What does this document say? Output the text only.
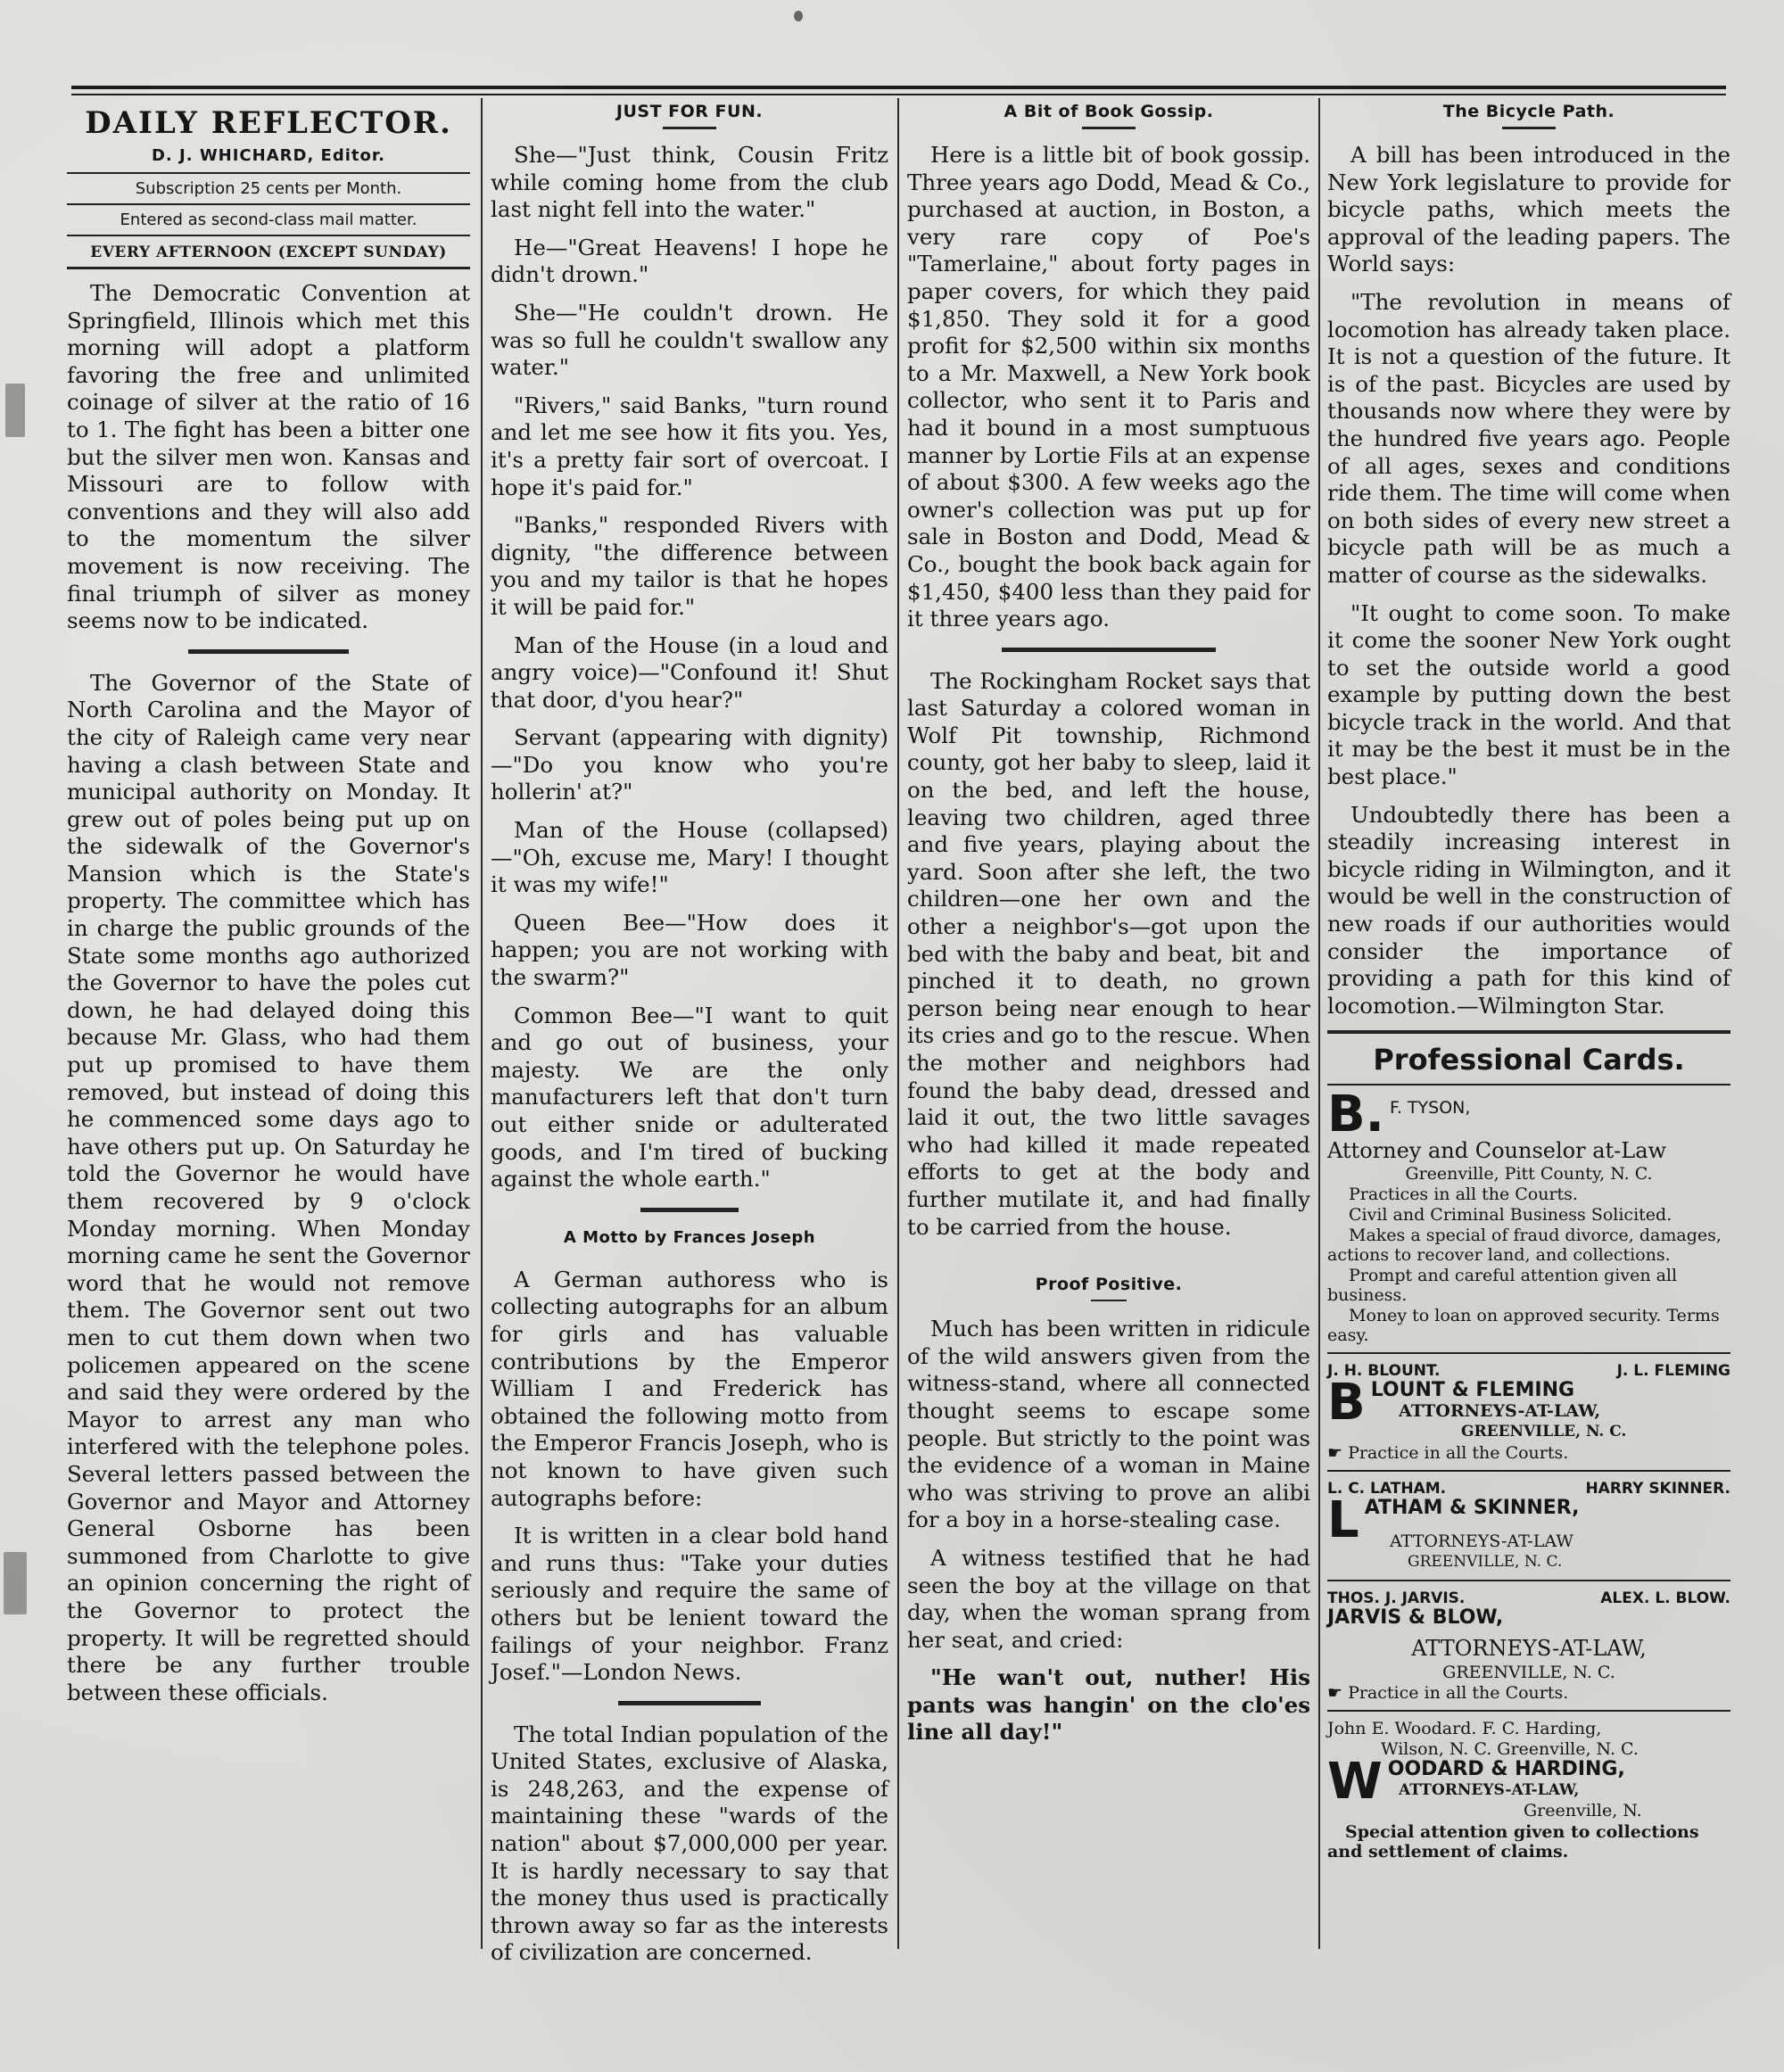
DAILY REFLECTOR.
D. J. WHICHARD, Editor.
Subscription 25 cents per Month.
Entered as second-class mail matter.
EVERY AFTERNOON (EXCEPT SUNDAY)

The Democratic Convention at Springfield, Illinois which met this morning will adopt a platform favoring the free and unlimited coinage of silver at the ratio of 16 to 1. The fight has been a bitter one but the silver men won. Kansas and Missouri are to follow with conventions and they will also add to the momentum the silver movement is now receiving. The final triumph of silver as money seems now to be indicated.

The Governor of the State of North Carolina and the Mayor of the city of Raleigh came very near having a clash between State and municipal authority on Monday. It grew out of poles being put up on the sidewalk of the Governor's Mansion which is the State's property. The committee which has in charge the public grounds of the State some months ago authorized the Governor to have the poles cut down, he had delayed doing this because Mr. Glass, who had them put up promised to have them removed, but instead of doing this he commenced some days ago to have others put up. On Saturday he told the Governor he would have them recovered by 9 o'clock Monday morning. When Monday morning came he sent the Governor word that he would not remove them. The Governor sent out two men to cut them down when two policemen appeared on the scene and said they were ordered by the Mayor to arrest any man who interfered with the telephone poles. Several letters passed between the Governor and Mayor and Attorney General Osborne has been summoned from Charlotte to give an opinion concerning the right of the Governor to protect the property. It will be regretted should there be any further trouble between these officials.

JUST FOR FUN.

She—"Just think, Cousin Fritz while coming home from the club last night fell into the water."

He—"Great Heavens! I hope he didn't drown."

She—"He couldn't drown. He was so full he couldn't swallow any water."

"Rivers," said Banks, "turn round and let me see how it fits you. Yes, it's a pretty fair sort of overcoat. I hope it's paid for."

"Banks," responded Rivers with dignity, "the difference between you and my tailor is that he hopes it will be paid for."

Man of the House (in a loud and angry voice)—"Confound it! Shut that door, d'you hear?"

Servant (appearing with dignity)—"Do you know who you're hollerin' at?"

Man of the House (collapsed)—"Oh, excuse me, Mary! I thought it was my wife!"

Queen Bee—"How does it happen; you are not working with the swarm?"

Common Bee—"I want to quit and go out of business, your majesty. We are the only manufacturers left that don't turn out either snide or adulterated goods, and I'm tired of bucking against the whole earth."

A Motto by Frances Joseph

A German authoress who is collecting autographs for an album for girls and has valuable contributions by the Emperor William I and Frederick has obtained the following motto from the Emperor Francis Joseph, who is not known to have given such autographs before:

It is written in a clear bold hand and runs thus: "Take your duties seriously and require the same of others but be lenient toward the failings of your neighbor. Franz Josef."—London News.

The total Indian population of the United States, exclusive of Alaska, is 248,263, and the expense of maintaining these "wards of the nation" about $7,000,000 per year. It is hardly necessary to say that the money thus used is practically thrown away so far as the interests of civilization are concerned.

A Bit of Book Gossip.

Here is a little bit of book gossip. Three years ago Dodd, Mead & Co., purchased at auction, in Boston, a very rare copy of Poe's "Tamerlaine," about forty pages in paper covers, for which they paid $1,850. They sold it for a good profit for $2,500 within six months to a Mr. Maxwell, a New York book collector, who sent it to Paris and had it bound in a most sumptuous manner by Lortie Fils at an expense of about $300. A few weeks ago the owner's collection was put up for sale in Boston and Dodd, Mead & Co., bought the book back again for $1,450, $400 less than they paid for it three years ago.

The Rockingham Rocket says that last Saturday a colored woman in Wolf Pit township, Richmond county, got her baby to sleep, laid it on the bed, and left the house, leaving two children, aged three and five years, playing about the yard. Soon after she left, the two children—one her own and the other a neighbor's—got upon the bed with the baby and beat, bit and pinched it to death, no grown person being near enough to hear its cries and go to the rescue. When the mother and neighbors had found the baby dead, dressed and laid it out, the two little savages who had killed it made repeated efforts to get at the body and further mutilate it, and had finally to be carried from the house.

Proof Positive.

Much has been written in ridicule of the wild answers given from the witness-stand, where all connected thought seems to escape some people. But strictly to the point was the evidence of a woman in Maine who was striving to prove an alibi for a boy in a horse-stealing case.

A witness testified that he had seen the boy at the village on that day, when the woman sprang from her seat, and cried:

"He wan't out, nuther! His pants was hangin' on the clo'es line all day!"

The Bicycle Path.

A bill has been introduced in the New York legislature to provide for bicycle paths, which meets the approval of the leading papers. The World says:

"The revolution in means of locomotion has already taken place. It is not a question of the future. It is of the past. Bicycles are used by thousands now where they were by the hundred five years ago. People of all ages, sexes and conditions ride them. The time will come when on both sides of every new street a bicycle path will be as much a matter of course as the sidewalks.

"It ought to come soon. To make it come the sooner New York ought to set the outside world a good example by putting down the best bicycle track in the world. And that it may be the best it must be in the best place."

Undoubtedly there has been a steadily increasing interest in bicycle riding in Wilmington, and it would be well in the construction of new roads if our authorities would consider the importance of providing a path for this kind of locomotion.—Wilmington Star.

Professional Cards.
B. F. TYSON,
Attorney and Counselor at-Law
Greenville, Pitt County, N. C.
Practices in all the Courts.
Civil and Criminal Business Solicited.
Makes a special of fraud divorce, damages, actions to recover land, and collections.
Prompt and careful attention given all business.
Money to loan on approved security. Terms easy.
J. H. BLOUNT.	J. L. FLEMING
B LOUNT & FLEMING
ATTORNEYS-AT-LAW,
GREENVILLE, N. C.
☛ Practice in all the Courts.
L. C. LATHAM.	HARRY SKINNER.
L ATHAM & SKINNER,
ATTORNEYS-AT-LAW
GREENVILLE, N. C.
THOS. J. JARVIS.	ALEX. L. BLOW.
JARVIS & BLOW,
ATTORNEYS-AT-LAW,
GREENVILLE, N. C.
☛ Practice in all the Courts.
John E. Woodard. F. C. Harding,
Wilson, N. C. Greenville, N. C.
W OODARD & HARDING,
ATTORNEYS-AT-LAW,
Greenville, N.
Special attention given to collections and settlement of claims.
